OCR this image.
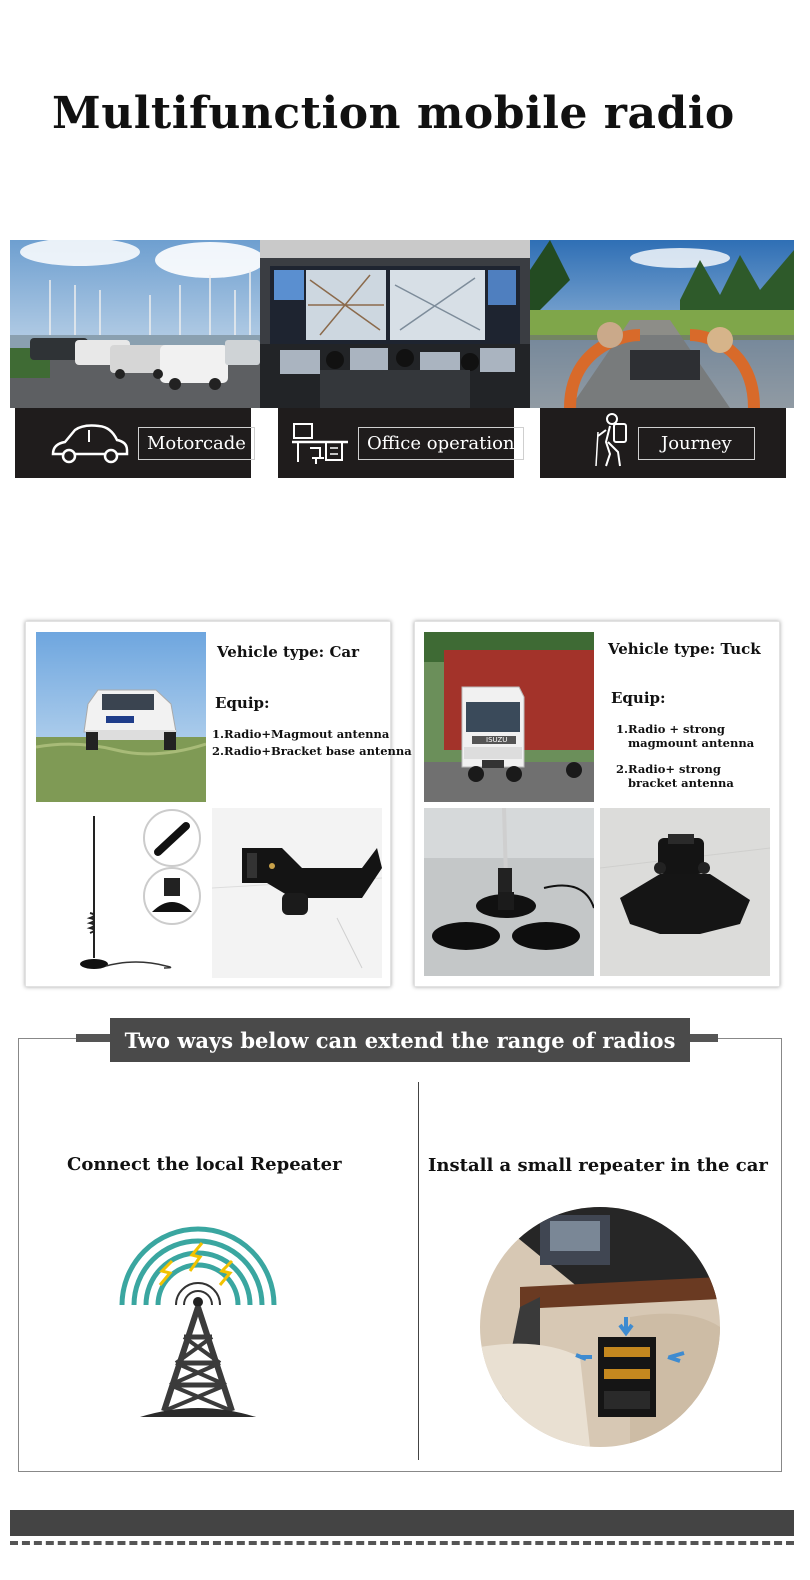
Multifunction mobile radio
Motorcade	Office operation	Journey
Vehicle type: Car
Equip:
1.Radio+Magmout antenna
2.Radio+Bracket base antenna
ISUZU
Vehicle type: Tuck
Equip:
1.Radio + strong
magmount antenna
2.Radio+ strong
bracket antenna
Two ways below can extend the range of radios
Connect the local Repeater	Install a small repeater in the car
